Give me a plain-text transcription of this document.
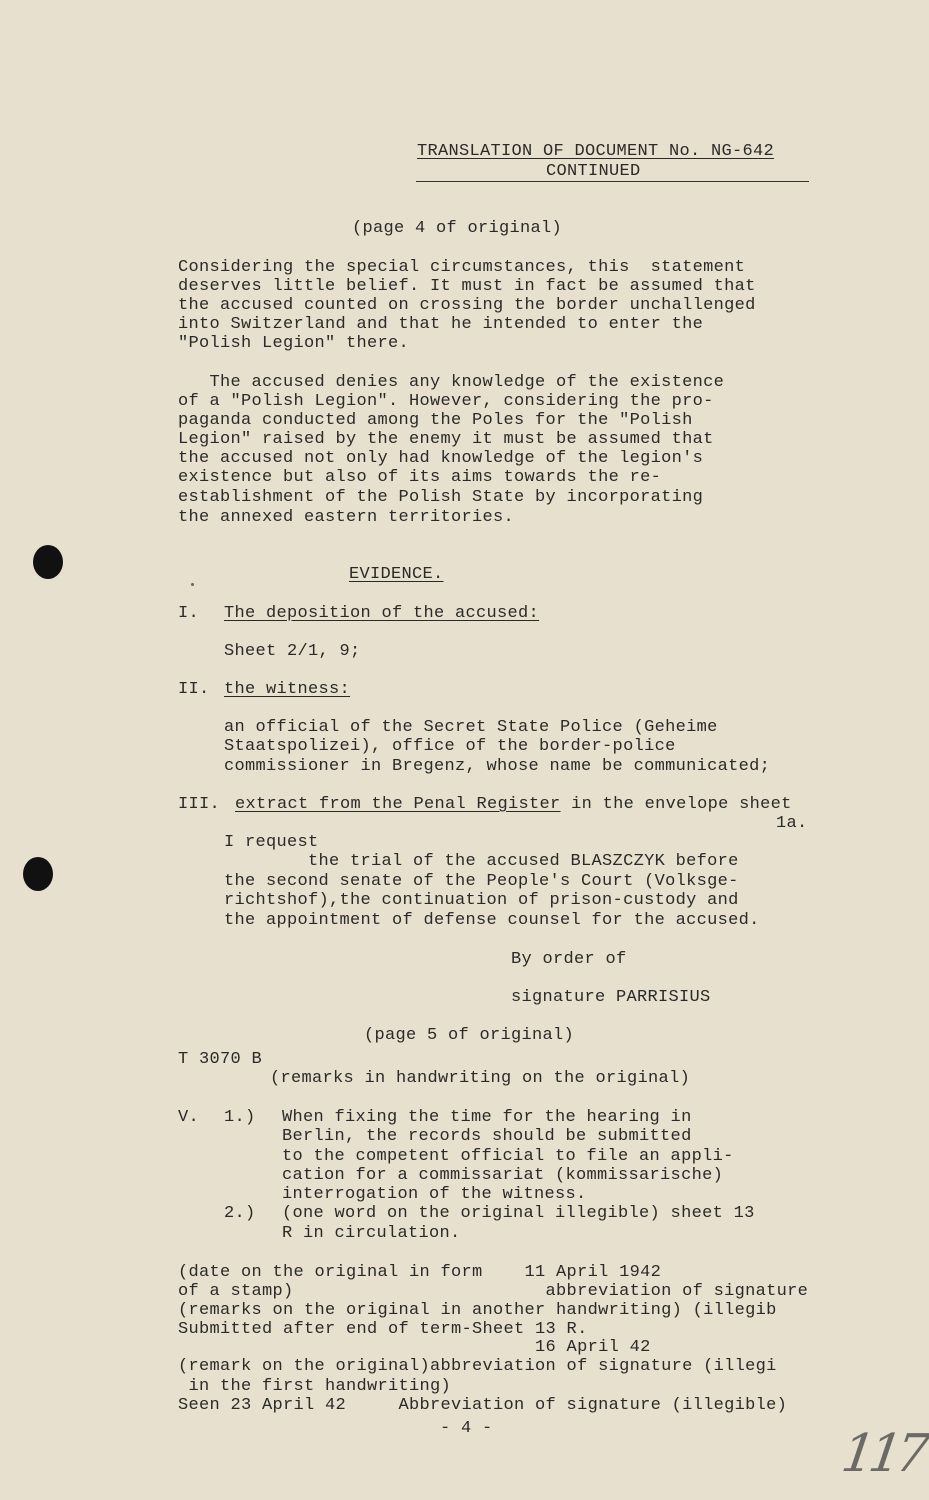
TRANSLATION OF DOCUMENT No. NG-642
CONTINUED
(page 4 of original)
Considering the special circumstances, this  statement
deserves little belief. It must in fact be assumed that
the accused counted on crossing the border unchallenged
into Switzerland and that he intended to enter the
"Polish Legion" there.
The accused denies any knowledge of the existence
of a "Polish Legion". However, considering the pro-
paganda conducted among the Poles for the "Polish
Legion" raised by the enemy it must be assumed that
the accused not only had knowledge of the legion's
existence but also of its aims towards the re-
establishment of the Polish State by incorporating
the annexed eastern territories.
EVIDENCE.
I. The deposition of the accused:
Sheet 2/1, 9;
II. the witness:
an official of the Secret State Police (Geheime
Staatspolizei), office of the border-police
commissioner in Bregenz, whose name be communicated;
III. extract from the Penal Register in the envelope sheet
1a.
I request
the trial of the accused BLASZCZYK before
the second senate of the People's Court (Volksge-
richtshof),the continuation of prison-custody and
the appointment of defense counsel for the accused.
By order of
signature PARRISIUS
(page 5 of original)
T 3070 B
(remarks in handwriting on the original)
V. 1.) When fixing the time for the hearing in
Berlin, the records should be submitted
to the competent official to file an appli-
cation for a commissariat (kommissarische)
interrogation of the witness.
2.) (one word on the original illegible) sheet 13
R in circulation.
(date on the original in form    11 April 1942
of a stamp)                        abbreviation of signature
(remarks on the original in another handwriting) (illegib
Submitted after end of term-Sheet 13 R.
16 April 42
(remark on the original)abbreviation of signature (illegi
in the first handwriting)
Seen 23 April 42     Abbreviation of signature (illegible)
- 4 -	117
